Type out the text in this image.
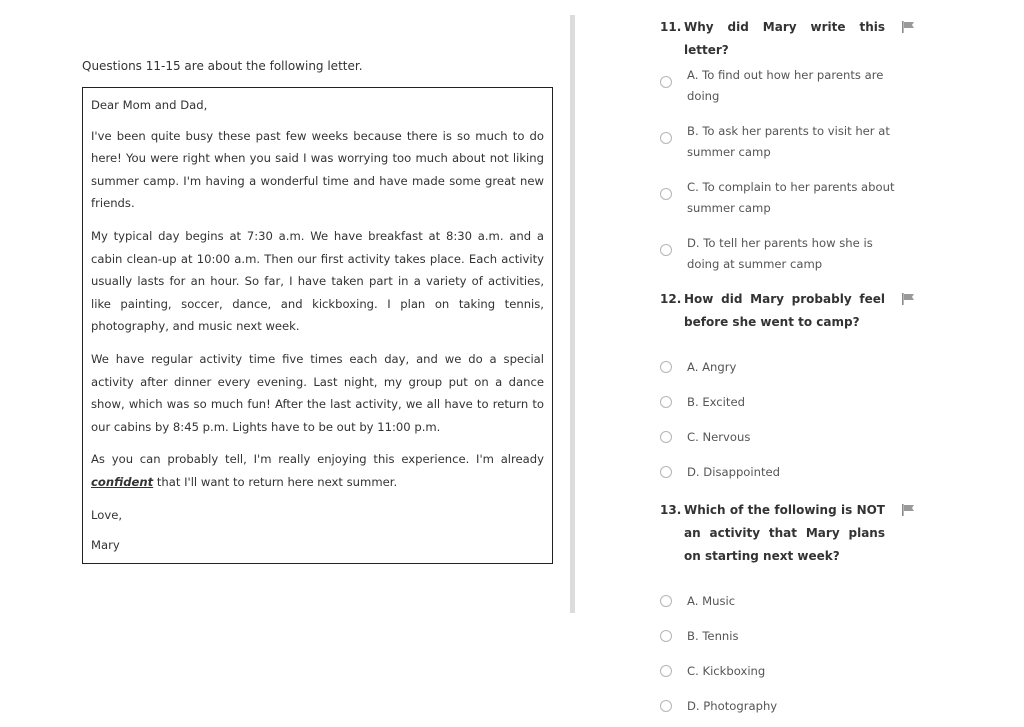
Questions 11-15 are about the following letter.

Dear Mom and Dad,

I've been quite busy these past few weeks because there is so much to do here! You were right when you said I was worrying too much about not liking summer camp. I'm having a wonderful time and have made some great new friends.

My typical day begins at 7:30 a.m. We have breakfast at 8:30 a.m. and a cabin clean-up at 10:00 a.m. Then our first activity takes place. Each activity usually lasts for an hour. So far, I have taken part in a variety of activities, like painting, soccer, dance, and kickboxing. I plan on taking tennis, photography, and music next week.

We have regular activity time five times each day, and we do a special activity after dinner every evening. Last night, my group put on a dance show, which was so much fun! After the last activity, we all have to return to our cabins by 8:45 p.m. Lights have to be out by 11:00 p.m.

As you can probably tell, I'm really enjoying this experience. I'm already confident that I'll want to return here next summer.

Love,

Mary

11. Why did Mary write this letter?
A. To find out how her parents are doing
B. To ask her parents to visit her at summer camp
C. To complain to her parents about summer camp
D. To tell her parents how she is doing at summer camp
12. How did Mary probably feel before she went to camp?
A. Angry
B. Excited
C. Nervous
D. Disappointed
13. Which of the following is NOT an activity that Mary plans on starting next week?
A. Music
B. Tennis
C. Kickboxing
D. Photography
